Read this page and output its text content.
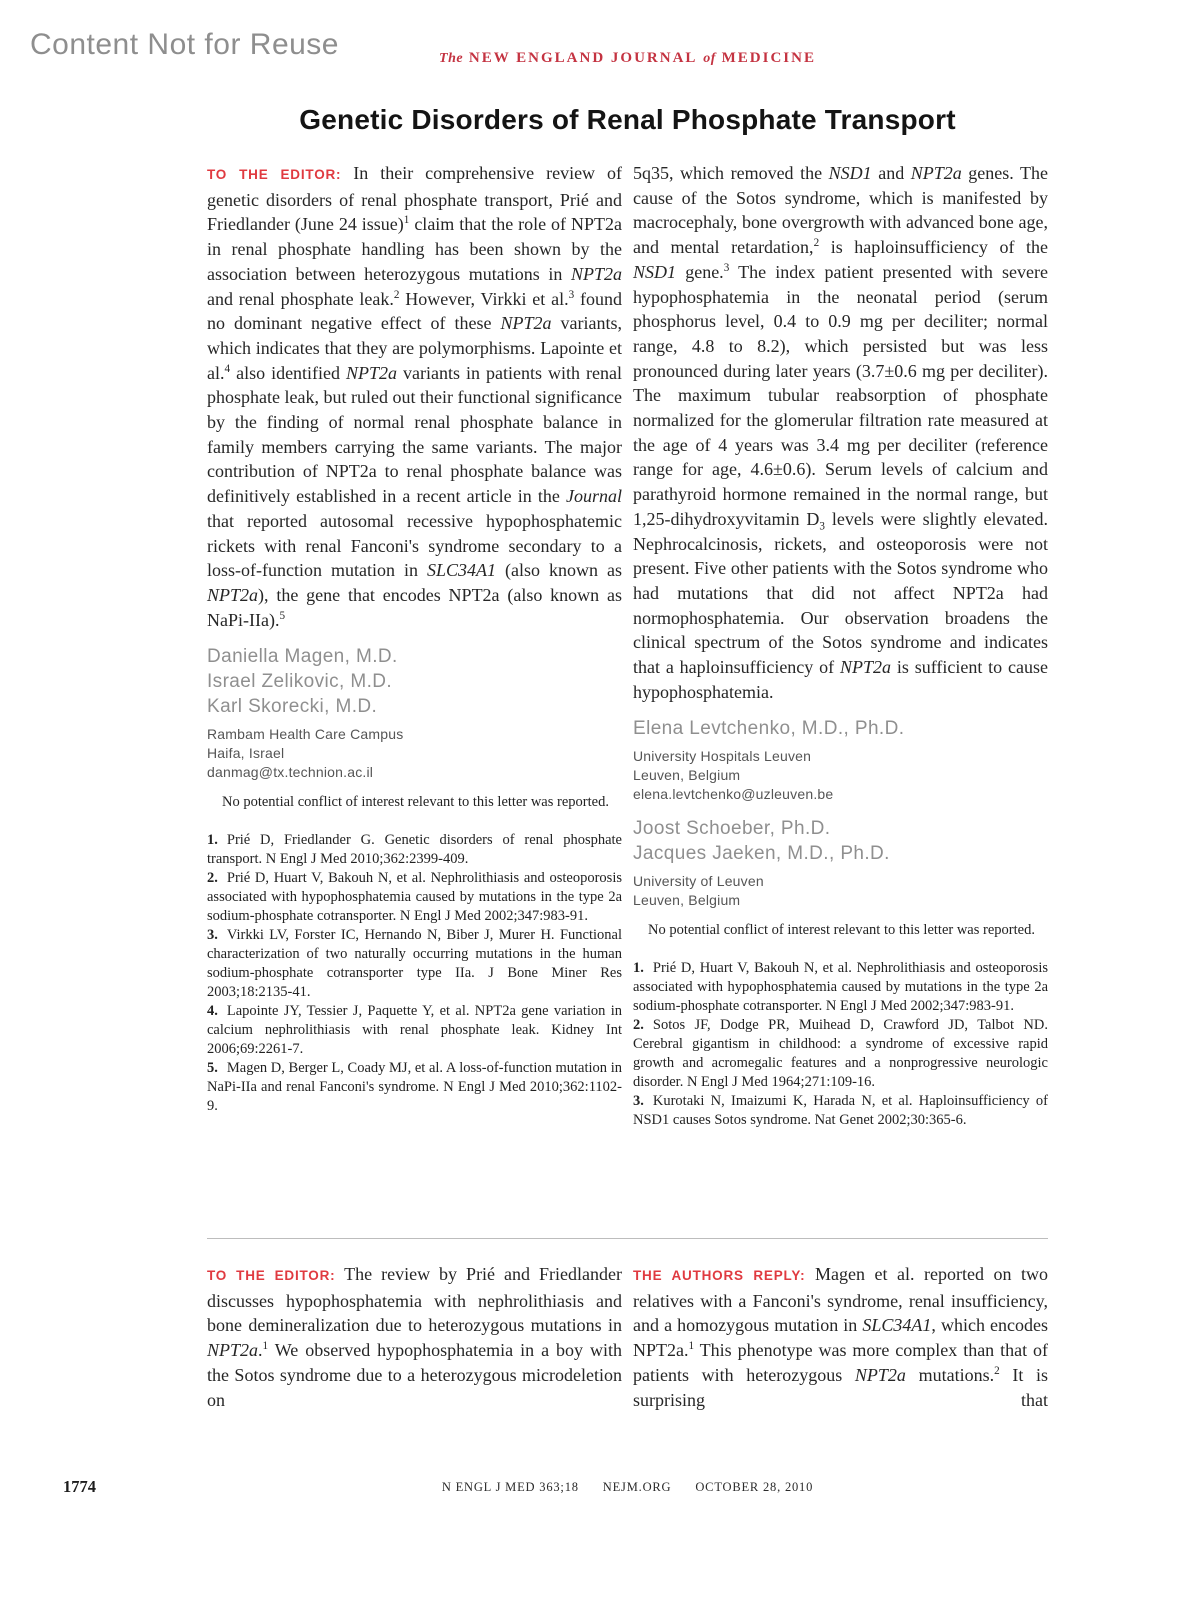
Content Not for Reuse	The NEW ENGLAND JOURNAL of MEDICINE
Genetic Disorders of Renal Phosphate Transport

TO THE EDITOR: In their comprehensive review of genetic disorders of renal phosphate transport, Prié and Friedlander (June 24 issue)$^1$ claim that the role of NPT2a in renal phosphate handling has been shown by the association between heterozygous mutations in NPT2a and renal phosphate leak.$^2$ However, Virkki et al.$^3$ found no dominant negative effect of these NPT2a variants, which indicates that they are polymorphisms. Lapointe et al.$^4$ also identified NPT2a variants in patients with renal phosphate leak, but ruled out their functional significance by the finding of normal renal phosphate balance in family members carrying the same variants. The major contribution of NPT2a to renal phosphate balance was definitively established in a recent article in the Journal that reported autosomal recessive hypophosphatemic rickets with renal Fanconi's syndrome secondary to a loss-of-function mutation in SLC34A1 (also known as NPT2a), the gene that encodes NPT2a (also known as NaPi-IIa).$^5$

Daniella Magen, M.D.
Israel Zelikovic, M.D.
Karl Skorecki, M.D.
Rambam Health Care Campus
Haifa, Israel
danmag@tx.technion.ac.il
No potential conflict of interest relevant to this letter was reported.
1. Prié D, Friedlander G. Genetic disorders of renal phosphate transport. N Engl J Med 2010;362:2399-409.
2. Prié D, Huart V, Bakouh N, et al. Nephrolithiasis and osteoporosis associated with hypophosphatemia caused by mutations in the type 2a sodium-phosphate cotransporter. N Engl J Med 2002;347:983-91.
3. Virkki LV, Forster IC, Hernando N, Biber J, Murer H. Functional characterization of two naturally occurring mutations in the human sodium-phosphate cotransporter type IIa. J Bone Miner Res 2003;18:2135-41.
4. Lapointe JY, Tessier J, Paquette Y, et al. NPT2a gene variation in calcium nephrolithiasis with renal phosphate leak. Kidney Int 2006;69:2261-7.
5. Magen D, Berger L, Coady MJ, et al. A loss-of-function mutation in NaPi-IIa and renal Fanconi's syndrome. N Engl J Med 2010;362:1102-9.

5q35, which removed the NSD1 and NPT2a genes. The cause of the Sotos syndrome, which is manifested by macrocephaly, bone overgrowth with advanced bone age, and mental retardation,$^2$ is haploinsufficiency of the NSD1 gene.$^3$ The index patient presented with severe hypophosphatemia in the neonatal period (serum phosphorus level, 0.4 to 0.9 mg per deciliter; normal range, 4.8 to 8.2), which persisted but was less pronounced during later years (3.7±0.6 mg per deciliter). The maximum tubular reabsorption of phosphate normalized for the glomerular filtration rate measured at the age of 4 years was 3.4 mg per deciliter (reference range for age, 4.6±0.6). Serum levels of calcium and parathyroid hormone remained in the normal range, but 1,25-dihydroxyvitamin $D_3$ levels were slightly elevated. Nephrocalcinosis, rickets, and osteoporosis were not present. Five other patients with the Sotos syndrome who had mutations that did not affect NPT2a had normophosphatemia. Our observation broadens the clinical spectrum of the Sotos syndrome and indicates that a haploinsufficiency of NPT2a is sufficient to cause hypophosphatemia.

Elena Levtchenko, M.D., Ph.D.
University Hospitals Leuven
Leuven, Belgium
elena.levtchenko@uzleuven.be
Joost Schoeber, Ph.D.
Jacques Jaeken, M.D., Ph.D.
University of Leuven
Leuven, Belgium
No potential conflict of interest relevant to this letter was reported.
1. Prié D, Huart V, Bakouh N, et al. Nephrolithiasis and osteoporosis associated with hypophosphatemia caused by mutations in the type 2a sodium-phosphate cotransporter. N Engl J Med 2002;347:983-91.
2. Sotos JF, Dodge PR, Muihead D, Crawford JD, Talbot ND. Cerebral gigantism in childhood: a syndrome of excessive rapid growth and acromegalic features and a nonprogressive neurologic disorder. N Engl J Med 1964;271:109-16.
3. Kurotaki N, Imaizumi K, Harada N, et al. Haploinsufficiency of NSD1 causes Sotos syndrome. Nat Genet 2002;30:365-6.

TO THE EDITOR: The review by Prié and Friedlander discusses hypophosphatemia with nephrolithiasis and bone demineralization due to heterozygous mutations in NPT2a.$^1$ We observed hypophosphatemia in a boy with the Sotos syndrome due to a heterozygous microdeletion on

THE AUTHORS REPLY: Magen et al. reported on two relatives with a Fanconi's syndrome, renal insufficiency, and a homozygous mutation in SLC34A1, which encodes NPT2a.$^1$ This phenotype was more complex than that of patients with heterozygous NPT2a mutations.$^2$ It is surprising that

1774	N ENGL J MED 363;18 NEJM.ORG OCTOBER 28, 2010
